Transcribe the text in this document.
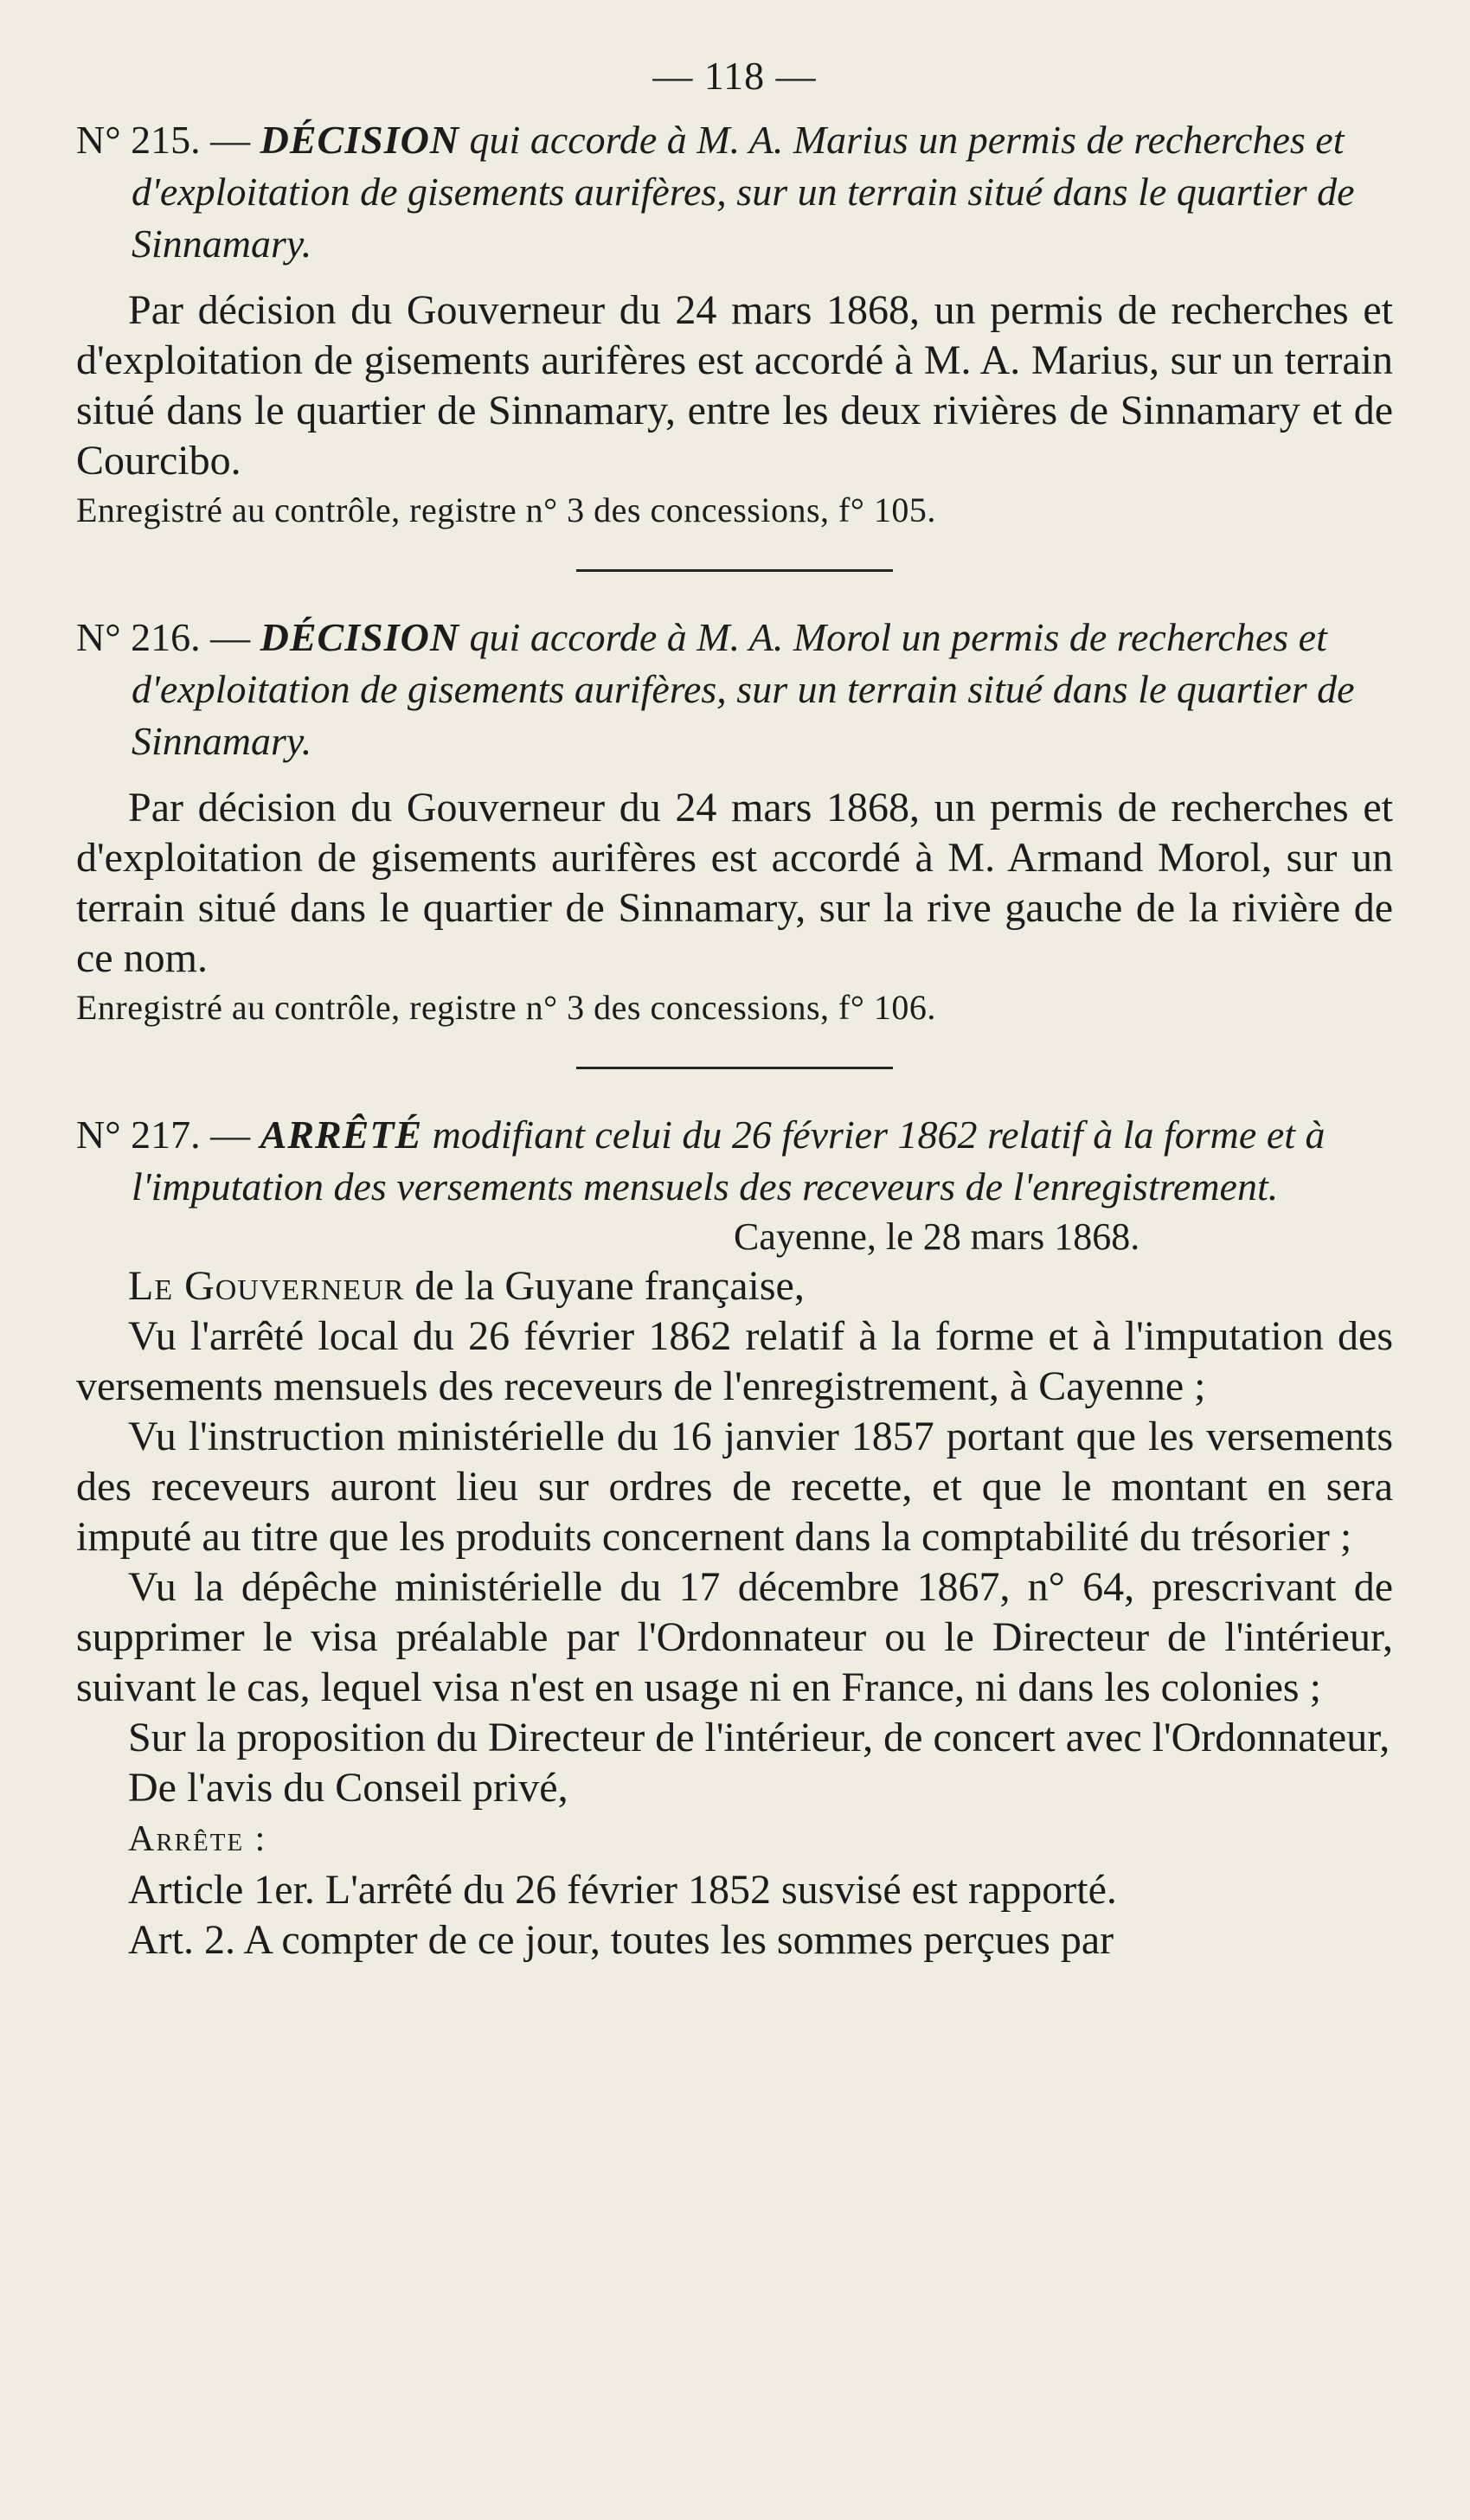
— 118 —

N° 215. — DÉCISION qui accorde à M. A. Marius un permis de recherches et d'exploitation de gisements aurifères, sur un terrain situé dans le quartier de Sinnamary.

Par décision du Gouverneur du 24 mars 1868, un permis de recherches et d'exploitation de gisements aurifères est accordé à M. A. Marius, sur un terrain situé dans le quartier de Sinnamary, entre les deux rivières de Sinnamary et de Courcibo.

Enregistré au contrôle, registre n° 3 des concessions, f° 105.

N° 216. — DÉCISION qui accorde à M. A. Morol un permis de recherches et d'exploitation de gisements aurifères, sur un terrain situé dans le quartier de Sinnamary.

Par décision du Gouverneur du 24 mars 1868, un permis de recherches et d'exploitation de gisements aurifères est accordé à M. Armand Morol, sur un terrain situé dans le quartier de Sinnamary, sur la rive gauche de la rivière de ce nom.

Enregistré au contrôle, registre n° 3 des concessions, f° 106.

N° 217. — ARRÊTÉ modifiant celui du 26 février 1862 relatif à la forme et à l'imputation des versements mensuels des receveurs de l'enregistrement.

Cayenne, le 28 mars 1868.

Le Gouverneur de la Guyane française,

Vu l'arrêté local du 26 février 1862 relatif à la forme et à l'imputation des versements mensuels des receveurs de l'enregistrement, à Cayenne ;

Vu l'instruction ministérielle du 16 janvier 1857 portant que les versements des receveurs auront lieu sur ordres de recette, et que le montant en sera imputé au titre que les produits concernent dans la comptabilité du trésorier ;

Vu la dépêche ministérielle du 17 décembre 1867, n° 64, prescrivant de supprimer le visa préalable par l'Ordonnateur ou le Directeur de l'intérieur, suivant le cas, lequel visa n'est en usage ni en France, ni dans les colonies ;

Sur la proposition du Directeur de l'intérieur, de concert avec l'Ordonnateur,

De l'avis du Conseil privé,

Arrête :

Article 1er. L'arrêté du 26 février 1852 susvisé est rapporté.

Art. 2. A compter de ce jour, toutes les sommes perçues par
